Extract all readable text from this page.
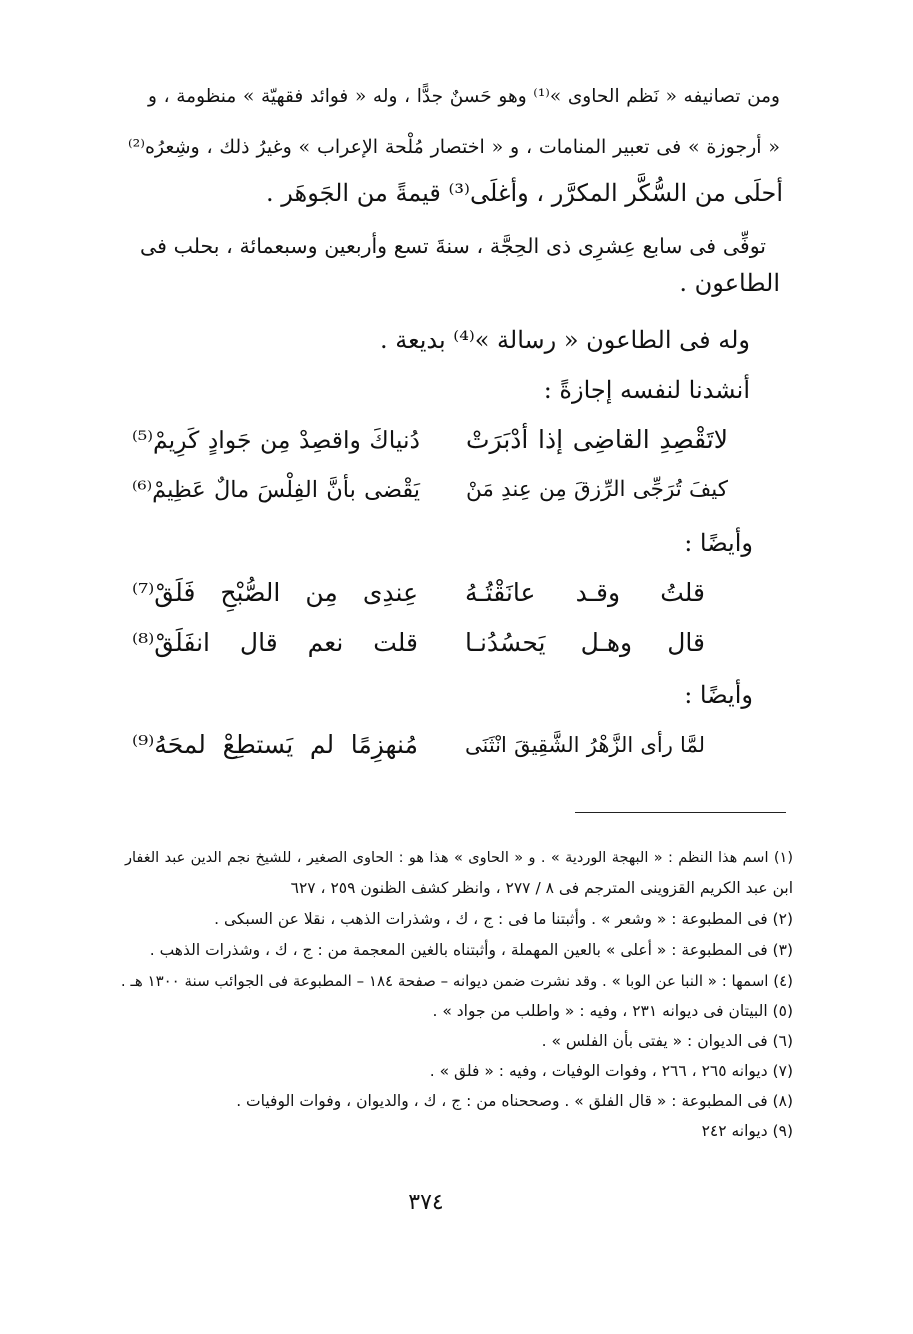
ومن تصانيفه « نَظم الحاوى »⁽¹⁾ وهو حَسنٌ جدًّا ، وله « فوائد فقهيّة » منظومة ، و
« أرجوزة » فى تعبير المنامات ، و « اختصار مُلْحة الإعراب » وغيرُ ذلك ، وشِعرُه⁽²⁾
أحلَى من السُّكَّر المكرَّر ، وأغلَى⁽³⁾ قيمةً من الجَوهَر .
توفِّى فى سابع عِشرِى ذى الحِجَّة ، سنةَ تسع وأربعين وسبعمائة ، بحلب فى
الطاعون .
وله فى الطاعون « رسالة »⁽⁴⁾ بديعة .
أنشدنا لنفسه إجازةً :
لاتَقْصِدِ القاضِى إذا أدْبَرَتْ
دُنياكَ واقصِدْ مِن جَوادٍ كَرِيمْ⁽⁵⁾
كيفَ تُرَجِّى الرِّزقَ مِن عِندِ مَنْ
يَقْضى بأنَّ الفِلْسَ مالٌ عَظِيمْ⁽⁶⁾
وأيضًا :
قلتُ وقـد عانَقْتُـهُ
عِندِى مِن الصُّبْحِ فَلَقْ⁽⁷⁾
قال وهـل يَحسُدُنـا
قلت نعم قال انفَلَقْ⁽⁸⁾
وأيضًا :
لمَّا رأى الزَّهْرُ الشَّقِيقَ انْثَنَى
مُنهزِمًا لم يَستطِعْ لمحَهُ⁽⁹⁾
(١) اسم هذا النظم : « البهجة الوردية » . و « الحاوى » هذا هو : الحاوى الصغير ، للشيخ نجم الدين عبد الغفار
ابن عبد الكريم القزوينى المترجم فى ٨ / ٢٧٧ ، وانظر كشف الظنون ٢٥٩ ، ٦٢٧
(٢) فى المطبوعة : « وشعر » . وأثبتنا ما فى : ج ، ك ، وشذرات الذهب ، نقلا عن السبكى .
(٣) فى المطبوعة : « أعلى » بالعين المهملة ، وأثبتناه بالغين المعجمة من : ج ، ك ، وشذرات الذهب .
(٤) اسمها : « النبا عن الوبا » . وقد نشرت ضمن ديوانه – صفحة ١٨٤ – المطبوعة فى الجوائب سنة ١٣٠٠ هـ .
(٥) البيتان فى ديوانه ٢٣١ ، وفيه : « واطلب من جواد » .
(٦) فى الديوان : « يفتى بأن الفلس » .
(٧) ديوانه ٢٦٥ ، ٢٦٦ ، وفوات الوفيات ، وفيه : « فلق » .
(٨) فى المطبوعة : « قال الفلق » . وصححناه من : ج ، ك ، والديوان ، وفوات الوفيات .
(٩) ديوانه ٢٤٢
٣٧٤
